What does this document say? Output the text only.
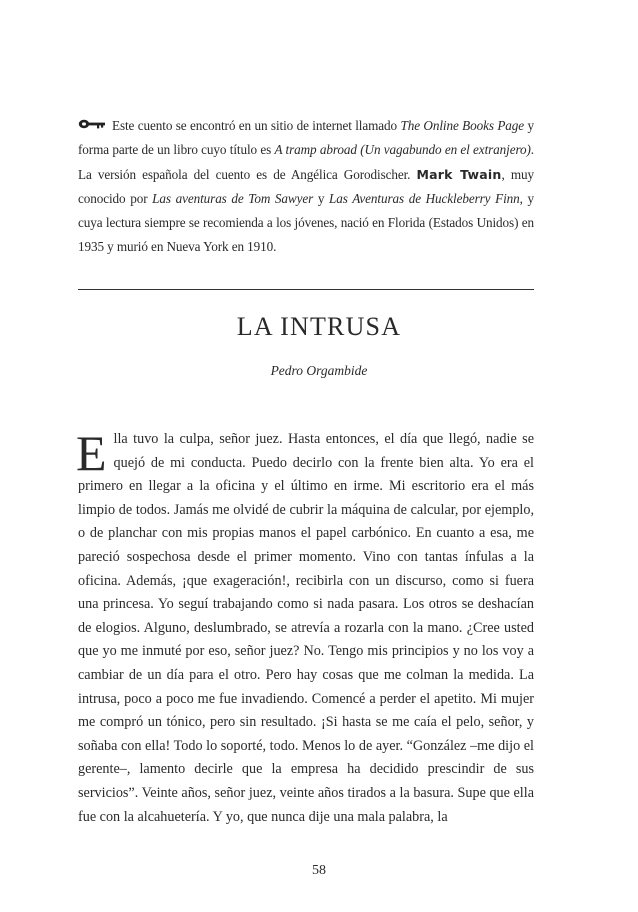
Este cuento se encontró en un sitio de internet llamado The Online Books Page y forma parte de un libro cuyo título es A tramp abroad (Un vagabundo en el extranjero). La versión española del cuento es de Angélica Gorodischer. Mark Twain, muy conocido por Las aventuras de Tom Sawyer y Las Aventuras de Huckleberry Finn, y cuya lectura siempre se recomienda a los jóvenes, nació en Florida (Estados Unidos) en 1935 y murió en Nueva York en 1910.
LA INTRUSA

Pedro Orgambide

Ella tuvo la culpa, señor juez. Hasta entonces, el día que llegó, nadie se quejó de mi conducta. Puedo decirlo con la frente bien alta. Yo era el primero en llegar a la oficina y el último en irme. Mi escritorio era el más limpio de todos. Jamás me olvidé de cubrir la máquina de calcular, por ejemplo, o de planchar con mis propias manos el papel carbónico. En cuanto a esa, me pareció sospechosa desde el primer momento. Vino con tantas ínfulas a la oficina. Además, ¡que exageración!, recibirla con un discurso, como si fuera una princesa. Yo seguí trabajando como si nada pasara. Los otros se deshacían de elogios. Alguno, deslumbrado, se atrevía a rozarla con la mano. ¿Cree usted que yo me inmuté por eso, señor juez? No. Tengo mis principios y no los voy a cambiar de un día para el otro. Pero hay cosas que me colman la medida. La intrusa, poco a poco me fue invadiendo. Comencé a perder el apetito. Mi mujer me compró un tónico, pero sin resultado. ¡Si hasta se me caía el pelo, señor, y soñaba con ella! Todo lo soporté, todo. Menos lo de ayer. “González –me dijo el gerente–, lamento decirle que la empresa ha decidido prescindir de sus servicios”. Veinte años, señor juez, veinte años tirados a la basura. Supe que ella fue con la alcahuetería. Y yo, que nunca dije una mala palabra, la

58
